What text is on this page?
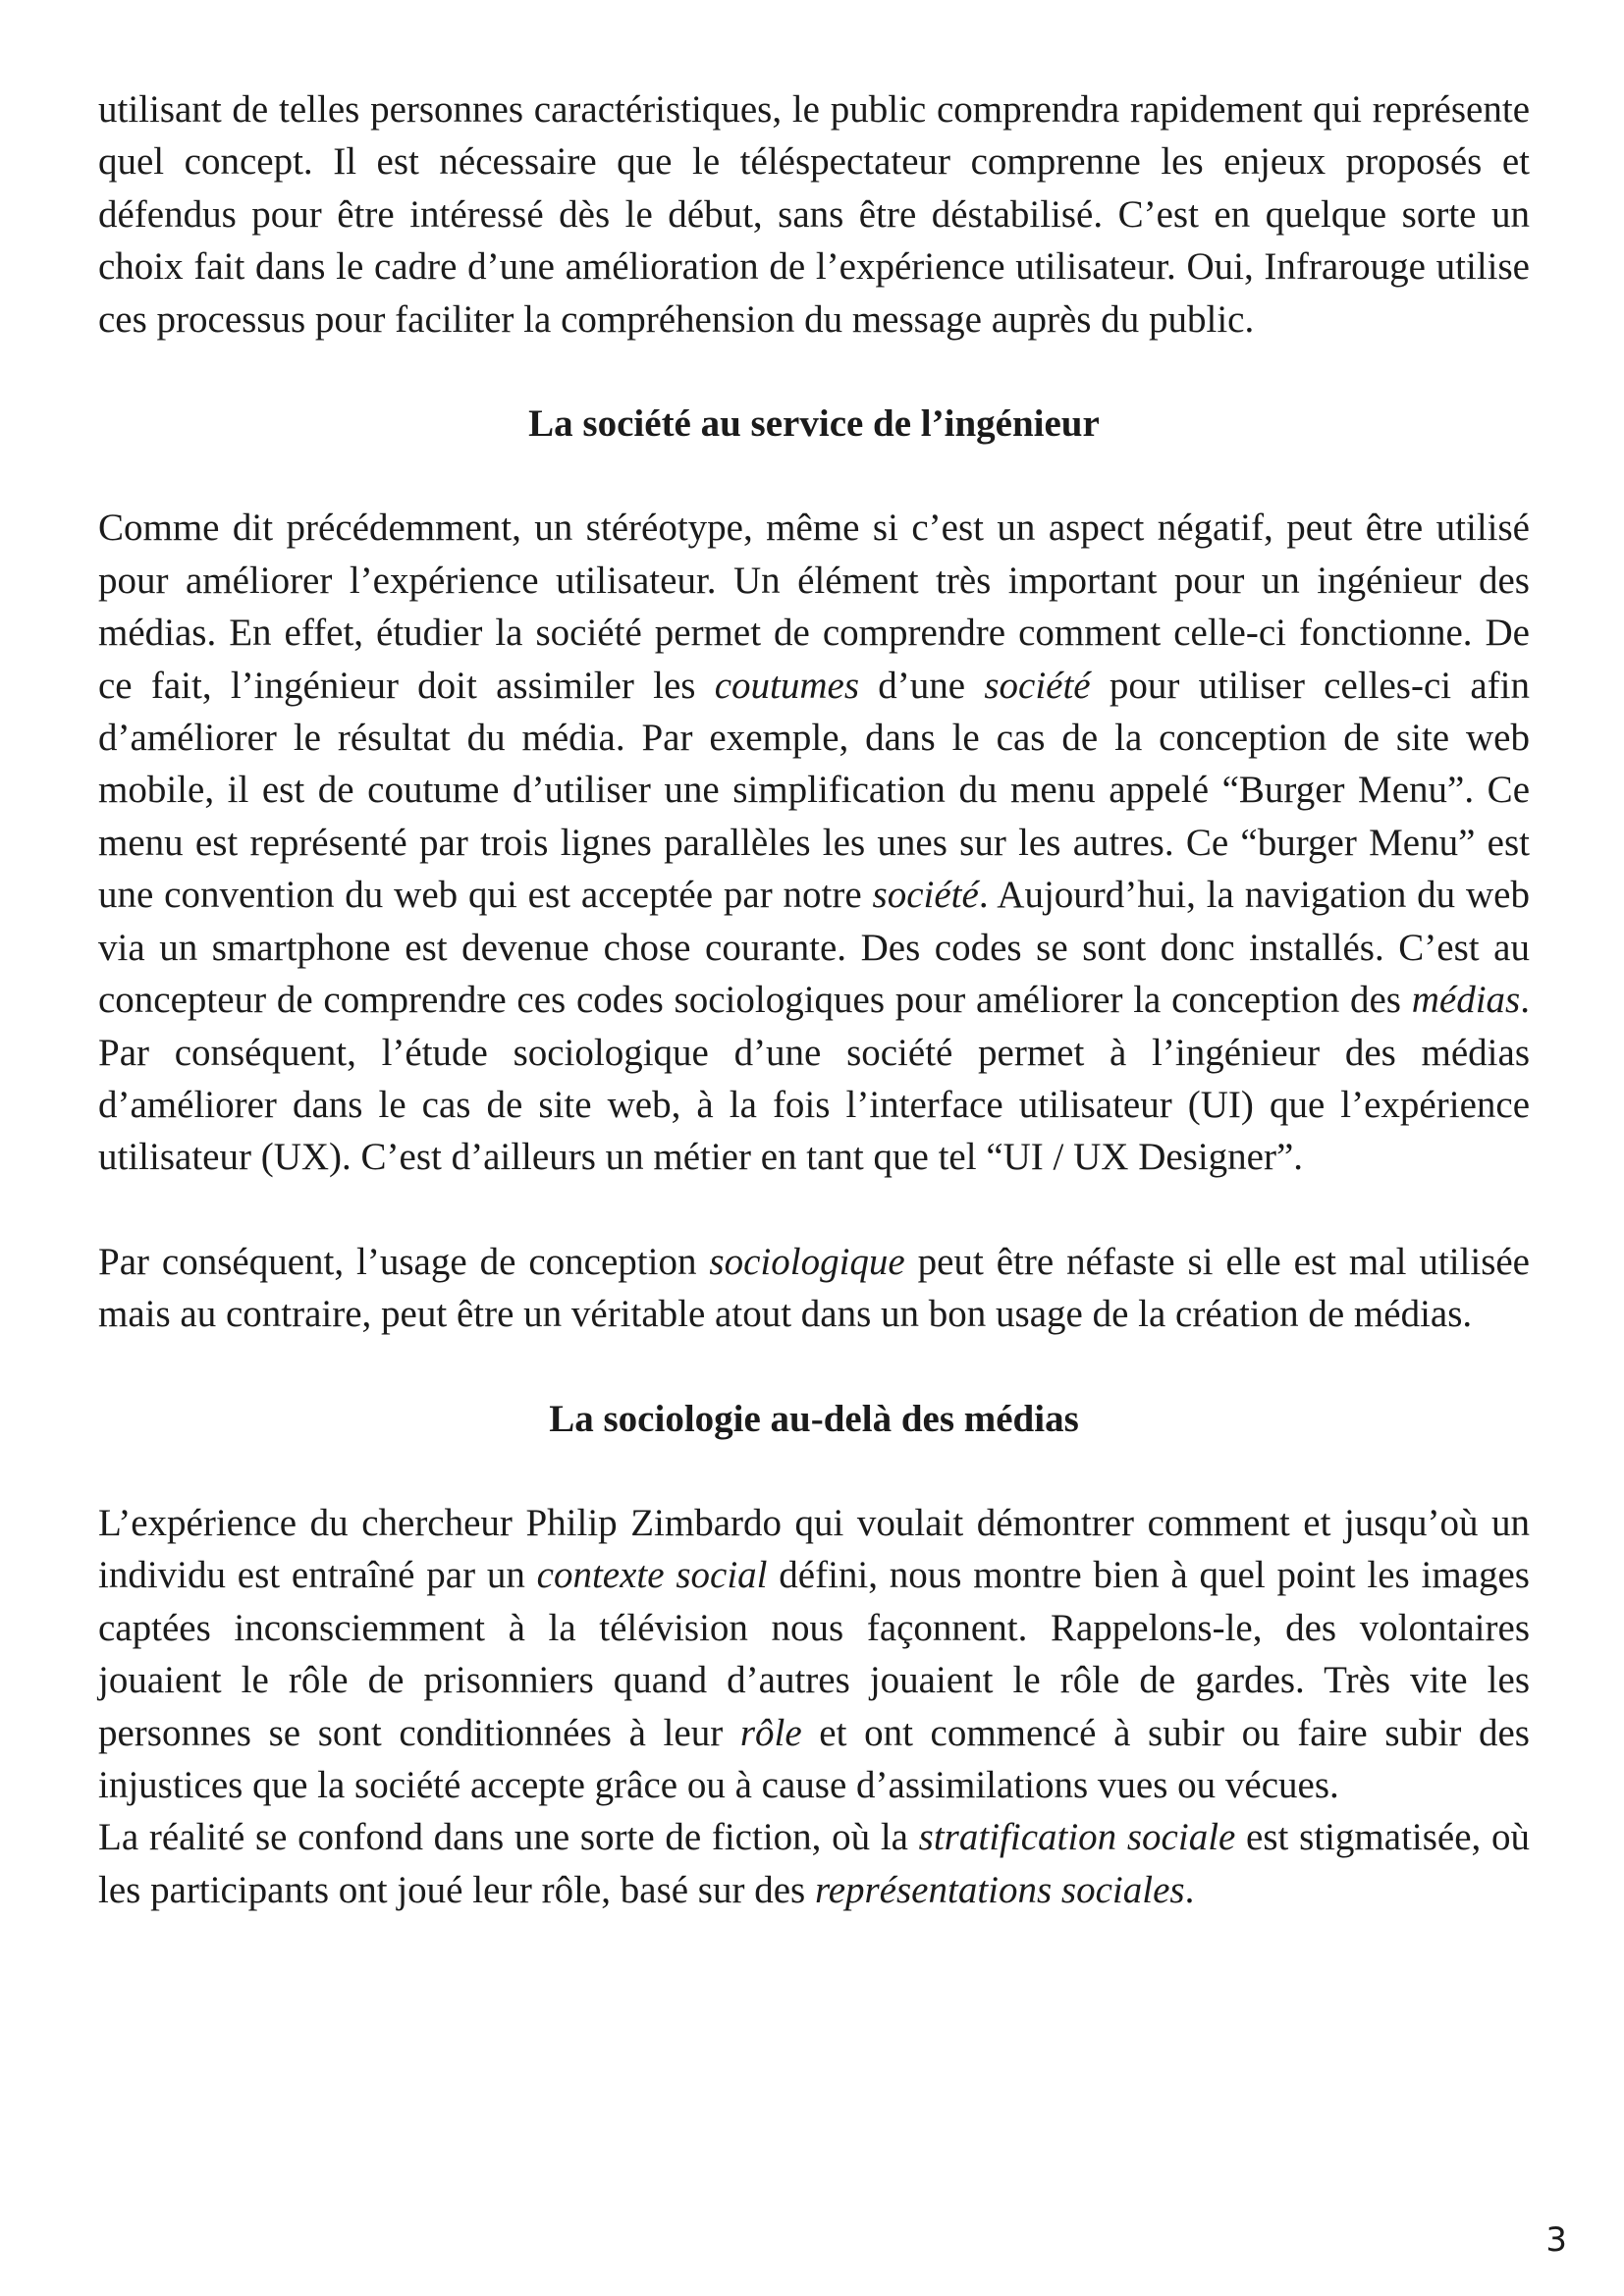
utilisant de telles personnes caractéristiques, le public comprendra rapidement qui représente quel concept. Il est nécessaire que le téléspectateur comprenne les enjeux proposés et défendus pour être intéressé dès le début, sans être déstabilisé. C’est en quelque sorte un choix fait dans le cadre d’une amélioration de l’expérience utilisateur. Oui, Infrarouge utilise ces processus pour faciliter la compréhension du message auprès du public.

La société au service de l’ingénieur

Comme dit précédemment, un stéréotype, même si c’est un aspect négatif, peut être utilisé pour améliorer l’expérience utilisateur. Un élément très important pour un ingénieur des médias. En effet, étudier la société permet de comprendre comment celle-ci fonctionne. De ce fait, l’ingénieur doit assimiler les coutumes d’une société pour utiliser celles-ci afin d’améliorer le résultat du média. Par exemple, dans le cas de la conception de site web mobile, il est de coutume d’utiliser une simplification du menu appelé “Burger Menu”. Ce menu est représenté par trois lignes parallèles les unes sur les autres. Ce “burger Menu” est une convention du web qui est acceptée par notre société. Aujourd’hui, la navigation du web via un smartphone est devenue chose courante. Des codes se sont donc installés. C’est au concepteur de comprendre ces codes sociologiques pour améliorer la conception des médias. Par conséquent, l’étude sociologique d’une société permet à l’ingénieur des médias d’améliorer dans le cas de site web, à la fois l’interface utilisateur (UI) que l’expérience utilisateur (UX). C’est d’ailleurs un métier en tant que tel “UI / UX Designer”.

Par conséquent, l’usage de conception sociologique peut être néfaste si elle est mal utilisée mais au contraire, peut être un véritable atout dans un bon usage de la création de médias.

La sociologie au-delà des médias

L’expérience du chercheur Philip Zimbardo qui voulait démontrer comment et jusqu’où un individu est entraîné par un contexte social défini, nous montre bien à quel point les images captées inconsciemment à la télévision nous façonnent. Rappelons-le, des volontaires jouaient le rôle de prisonniers quand d’autres jouaient le rôle de gardes. Très vite les personnes se sont conditionnées à leur rôle et ont commencé à subir ou faire subir des injustices que la société accepte grâce ou à cause d’assimilations vues ou vécues.

La réalité se confond dans une sorte de fiction, où la stratification sociale est stigmatisée, où les participants ont joué leur rôle, basé sur des représentations sociales.

3
